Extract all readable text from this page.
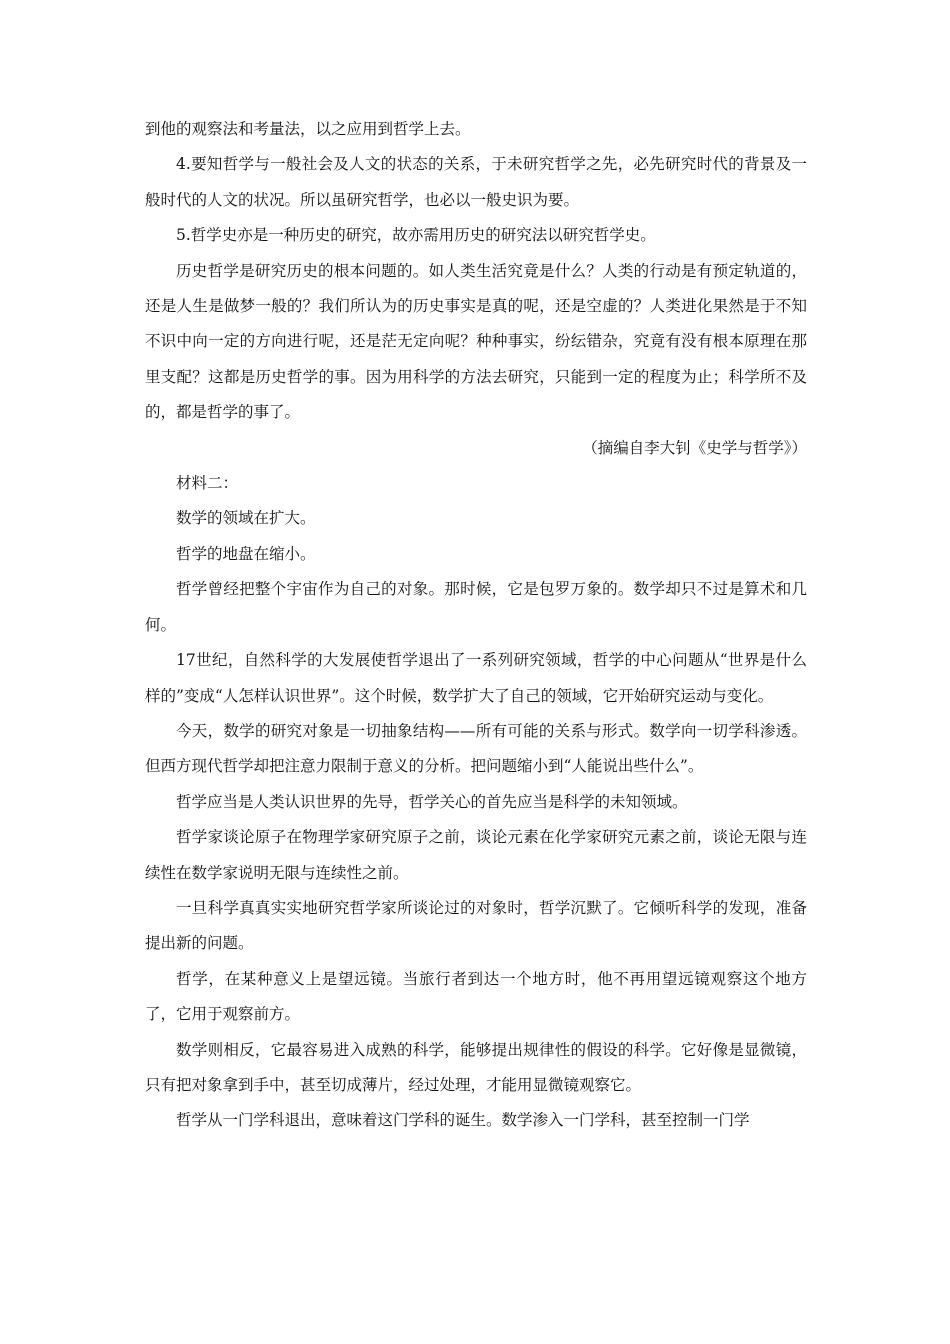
到他的观察法和考量法，以之应用到哲学上去。

4.要知哲学与一般社会及人文的状态的关系，于未研究哲学之先，必先研究时代的背景及一般时代的人文的状况。所以虽研究哲学，也必以一般史识为要。

5.哲学史亦是一种历史的研究，故亦需用历史的研究法以研究哲学史。

历史哲学是研究历史的根本问题的。如人类生活究竟是什么？人类的行动是有预定轨道的，还是人生是做梦一般的？我们所认为的历史事实是真的呢，还是空虚的？人类进化果然是于不知不识中向一定的方向进行呢，还是茫无定向呢？种种事实，纷纭错杂，究竟有没有根本原理在那里支配？这都是历史哲学的事。因为用科学的方法去研究，只能到一定的程度为止；科学所不及的，都是哲学的事了。

（摘编自李大钊《史学与哲学》）

材料二：

数学的领域在扩大。

哲学的地盘在缩小。

哲学曾经把整个宇宙作为自己的对象。那时候，它是包罗万象的。数学却只不过是算术和几何。

17世纪，自然科学的大发展使哲学退出了一系列研究领域，哲学的中心问题从“世界是什么样的”变成“人怎样认识世界”。这个时候，数学扩大了自己的领域，它开始研究运动与变化。

今天，数学的研究对象是一切抽象结构——所有可能的关系与形式。数学向一切学科渗透。但西方现代哲学却把注意力限制于意义的分析。把问题缩小到“人能说出些什么”。

哲学应当是人类认识世界的先导，哲学关心的首先应当是科学的未知领域。

哲学家谈论原子在物理学家研究原子之前，谈论元素在化学家研究元素之前，谈论无限与连续性在数学家说明无限与连续性之前。

一旦科学真真实实地研究哲学家所谈论过的对象时，哲学沉默了。它倾听科学的发现，准备提出新的问题。

哲学，在某种意义上是望远镜。当旅行者到达一个地方时，他不再用望远镜观察这个地方了，它用于观察前方。

数学则相反，它最容易进入成熟的科学，能够提出规律性的假设的科学。它好像是显微镜，只有把对象拿到手中，甚至切成薄片，经过处理，才能用显微镜观察它。

哲学从一门学科退出，意味着这门学科的诞生。数学渗入一门学科，甚至控制一门学
